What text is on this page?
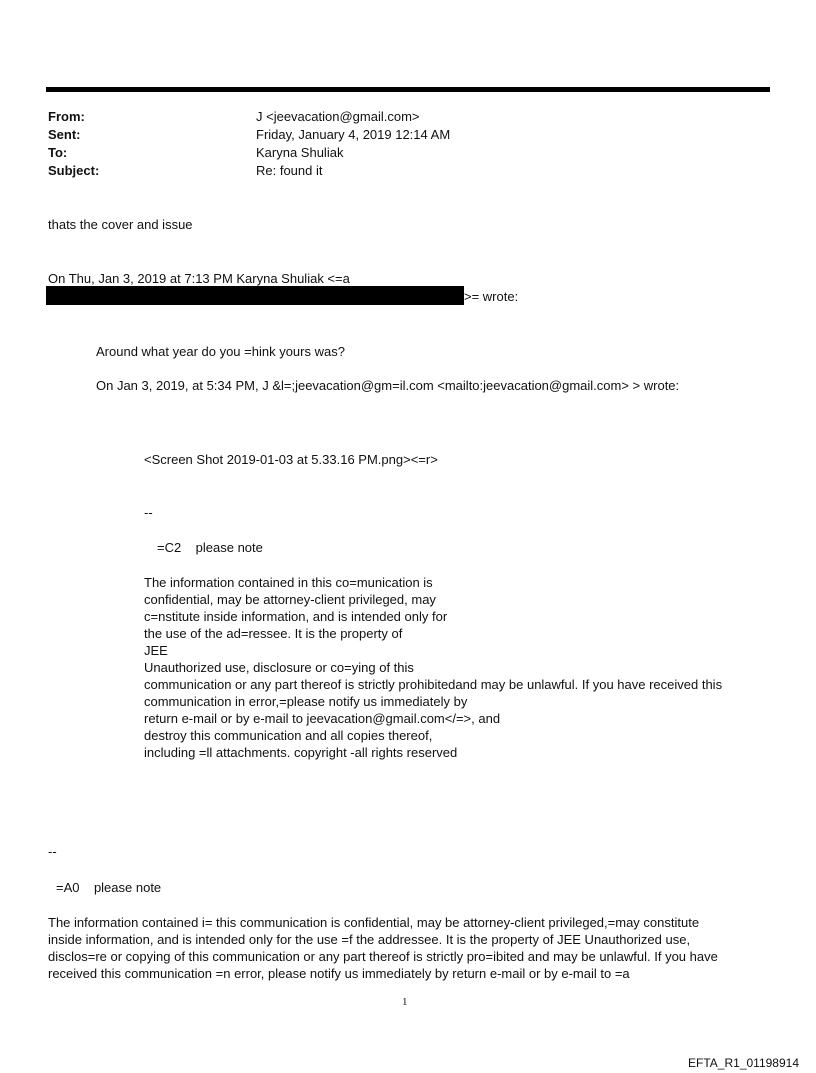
From:	J <jeevacation@gmail.com>
Sent:	Friday, January 4, 2019 12:14 AM
To:	Karyna Shuliak
Subject:	Re: found it
thats the cover and issue
On Thu, Jan 3, 2019 at 7:13 PM Karyna Shuliak <=a
>= wrote:
Around what year do you =hink yours was?
On Jan 3, 2019, at 5:34 PM, J &l=;jeevacation@gm=il.com <mailto:jeevacation@gmail.com> > wrote:
<Screen Shot 2019-01-03 at 5.33.16 PM.png><=r>
--
=C2    please note
The information contained in this co=munication is
confidential, may be attorney-client privileged, may
c=nstitute inside information, and is intended only for
the use of the ad=ressee. It is the property of
JEE
Unauthorized use, disclosure or co=ying of this
communication or any part thereof is strictly prohibitedand may be unlawful. If you have received this
communication in error,=please notify us immediately by
return e-mail or by e-mail to jeevacation@gmail.com</=>, and
destroy this communication and all copies thereof,
including =ll attachments. copyright -all rights reserved
--
=A0    please note
The information contained i= this communication is confidential, may be attorney-client privileged,=may constitute
inside information, and is intended only for the use =f the addressee. It is the property of JEE Unauthorized use,
disclos=re or copying of this communication or any part thereof is strictly pro=ibited and may be unlawful. If you have
received this communication =n error, please notify us immediately by return e-mail or by e-mail to =a
1
EFTA_R1_01198914
